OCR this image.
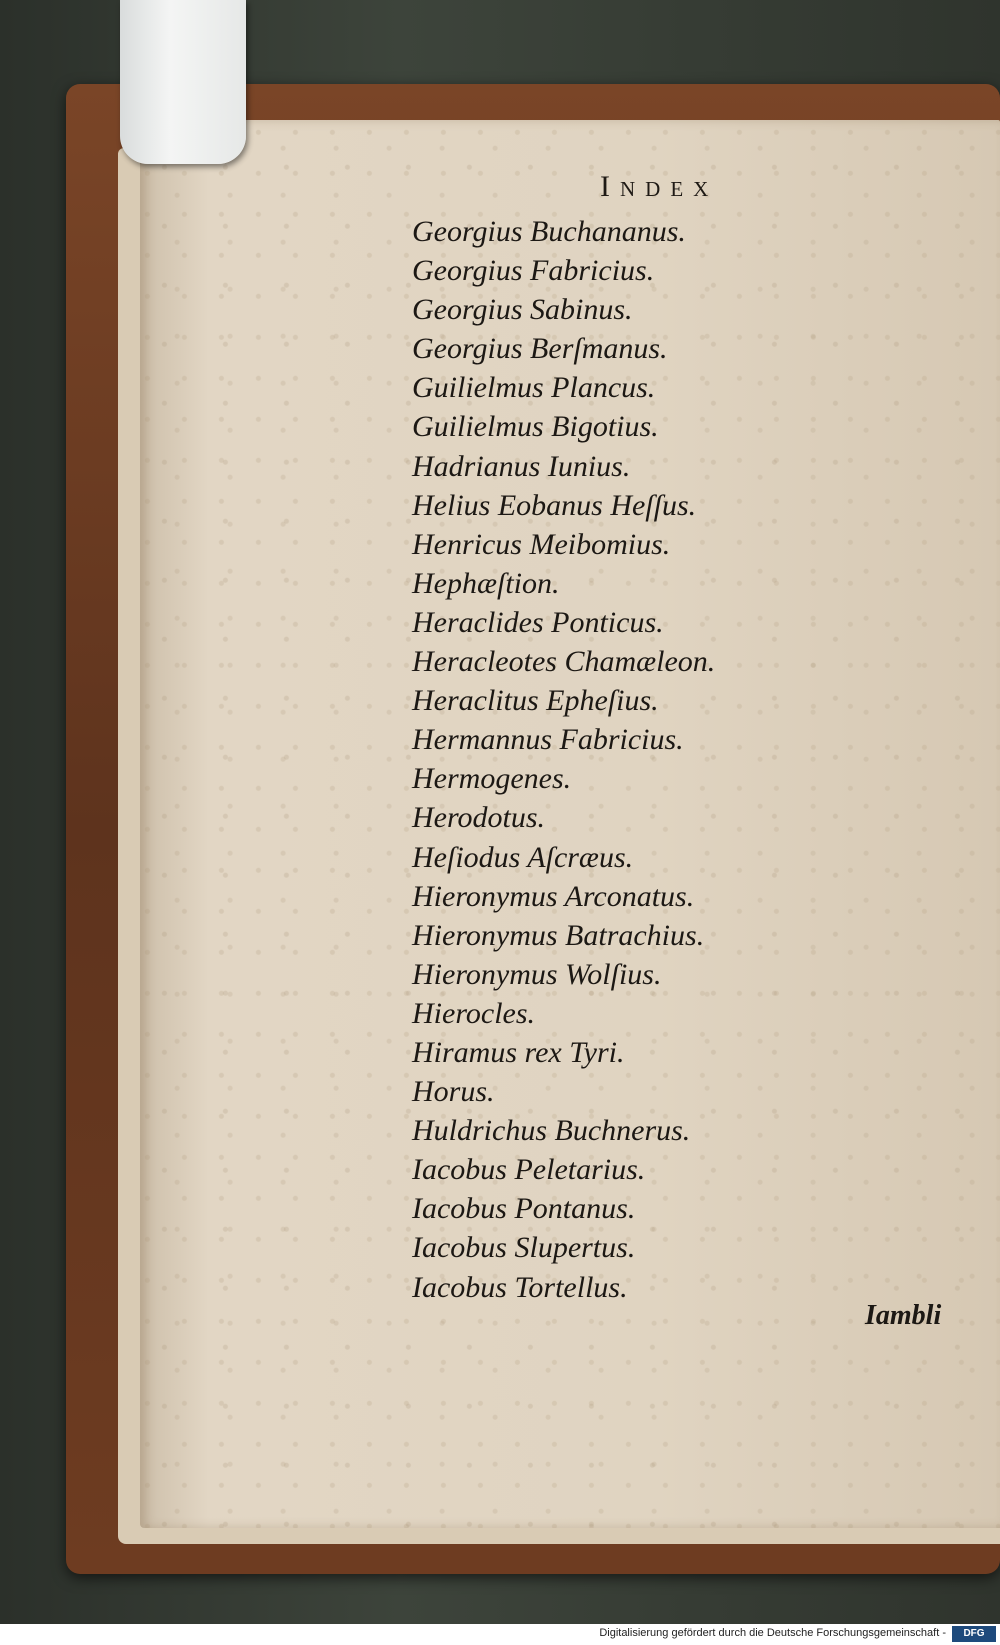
Index
Georgius Buchananus.
Georgius Fabricius.
Georgius Sabinus.
Georgius Berſmanus.
Guilielmus Plancus.
Guilielmus Bigotius.
Hadrianus Iunius.
Helius Eobanus Heſſus.
Henricus Meibomius.
Hephæſtion.
Heraclides Ponticus.
Heracleotes Chamæleon.
Heraclitus Epheſius.
Hermannus Fabricius.
Hermogenes.
Herodotus.
Heſiodus Aſcræus.
Hieronymus Arconatus.
Hieronymus Batrachius.
Hieronymus Wolſius.
Hierocles.
Hiramus rex Tyri.
Horus.
Huldrichus Buchnerus.
Iacobus Peletarius.
Iacobus Pontanus.
Iacobus Slupertus.
Iacobus Tortellus.
Iambli
Digitalisierung gefördert durch die Deutsche Forschungsgemeinschaft -	DFG
